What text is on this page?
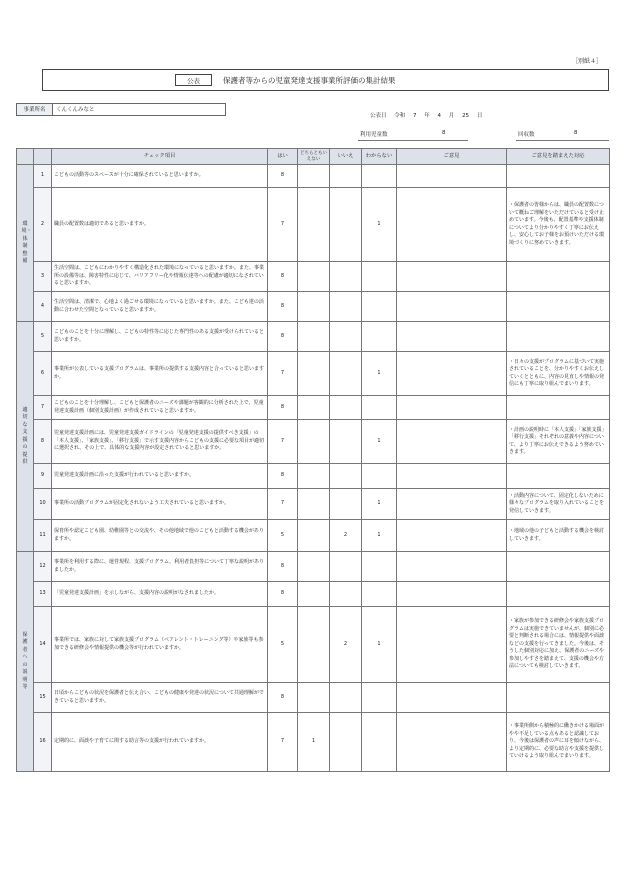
［別紙４］
公表	保護者等からの児童発達支援事業所評価の集計結果
事業所名	くんくんみなと
公表日 令和 7 年 4 月 25 日
利用児童数	8	回収数	8
		チェック項目	はい	どちらともいえない	いいえ	わからない	ご意見	ご意見を踏まえた対応
環境・体制整備	1	こどもの活動等のスペースが十分に確保されていると思いますか。	8					
	2	職員の配置数は適切であると思いますか。	7			1		・保護者の皆様からは、職員の配置数について概ねご理解をいただけていると受け止めています。今後も、配置基準や支援体制についてより分かりやすく丁寧にお伝えし、安心してお子様をお預けいただける環境づくりに努めていきます。
	3	生活空間は、こどもにわかりやすく構造化された環境になっていると思いますか。また、事業所の設備等は、障害特性に応じて、バリアフリー化や情報伝達等への配慮が適切になされていると思いますか。	8					
	4	生活空間は、清潔で、心地よく過ごせる環境になっていると思いますか。また、こども達の活動に合わせた空間となっていると思いますか。	8					
適切な支援の提供	5	こどものことを十分に理解し、こどもの特性等に応じた専門性のある支援が受けられていると思いますか。	8					
	6	事業所が公表している支援プログラムは、事業所の提供する支援内容と合っていると思いますか。	7			1		・日々の支援がプログラムに基づいて実施されていることを、分かりやすくお伝えしていくとともに、内容の見直しや情報の発信にも丁寧に取り組んでまいります。
	7	こどものことを十分理解し、こどもと保護者のニーズや課題が客観的に分析された上で、児童発達支援計画（個別支援計画）が作成されていると思いますか。	8					
	8	児童発達支援計画には、児童発達支援ガイドラインの「児童発達支援の提供すべき支援」の「本人支援」、「家族支援」、「移行支援」で示す支援内容からこどもの支援に必要な項目が適切に選択され、その上で、具体的な支援内容が設定されていると思いますか。	7			1		・計画の説明時に「本人支援」「家族支援」「移行支援」それぞれの意義や内容について、より丁寧にお伝えできるよう努めていきます。
	9	児童発達支援計画に沿った支援が行われていると思いますか。	8					
	10	事業所の活動プログラムが固定化されないよう工夫されていると思いますか。	7			1		・活動内容について、固定化しないために様々なプログラムを取り入れていることを発信していきます。
	11	保育所や認定こども園、幼稚園等との交流や、その他地域で他のこどもと活動する機会がありますか。	5		2	1		・地域の他の子どもと活動する機会を検討していきます。
保護者への説明等	12	事業所を利用する際に、運営規程、支援プログラム、利用者負担等について丁寧な説明がありましたか。	8					
	13	「児童発達支援計画」を示しながら、支援内容の説明がなされましたか。	8					
	14	事業所では、家族に対して家族支援プログラム（ペアレント・トレーニング等）や家族等も参加できる研修会や情報提供の機会等が行われていますか。	5		2	1		・家族が参加できる研修会や家族支援プログラムは実施できていませんが、個別に必要と判断される場合には、情報提供や面談などの支援を行ってきました。今後は、そうした個別対応に加え、保護者のニーズや参加しやすさを踏まえて、支援の機会や方法についても検討していきます。
	15	日頃からこどもの状況を保護者と伝え合い、こどもの健康や発達の状況について共通理解ができていると思いますか。	8					
	16	定期的に、面談や子育てに関する助言等の支援が行われていますか。	7	1				・事業所側から積極的に働きかける場面がやや不足している点もあると認識しており、今後は保護者の声に耳を傾けながら、より定期的に、必要な助言や支援を提供していけるよう取り組んでまいります。
